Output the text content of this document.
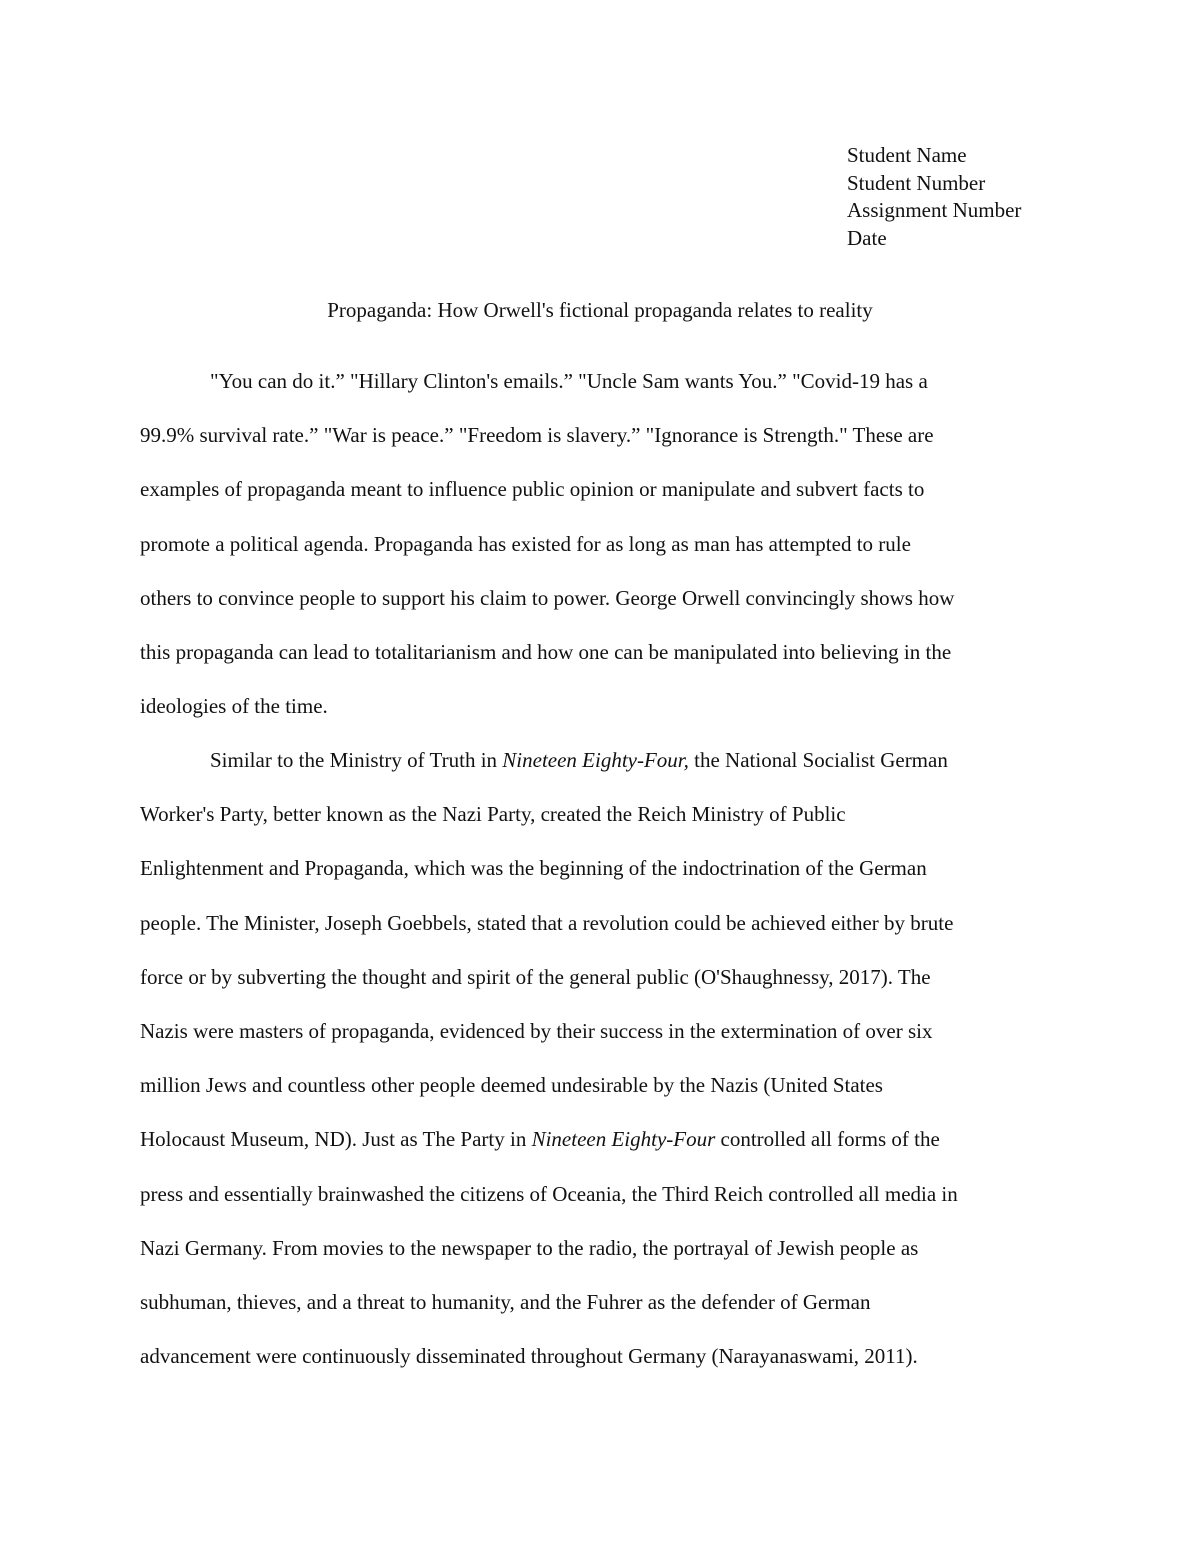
Student Name
Student Number
Assignment Number
Date
Propaganda: How Orwell's fictional propaganda relates to reality
"You can do it.” "Hillary Clinton's emails.” "Uncle Sam wants You.” "Covid-19 has a
99.9% survival rate.” "War is peace.” "Freedom is slavery.” "Ignorance is Strength." These are
examples of propaganda meant to influence public opinion or manipulate and subvert facts to
promote a political agenda. Propaganda has existed for as long as man has attempted to rule
others to convince people to support his claim to power. George Orwell convincingly shows how
this propaganda can lead to totalitarianism and how one can be manipulated into believing in the
ideologies of the time.
Similar to the Ministry of Truth in Nineteen Eighty-Four, the National Socialist German
Worker's Party, better known as the Nazi Party, created the Reich Ministry of Public
Enlightenment and Propaganda, which was the beginning of the indoctrination of the German
people. The Minister, Joseph Goebbels, stated that a revolution could be achieved either by brute
force or by subverting the thought and spirit of the general public (O'Shaughnessy, 2017). The
Nazis were masters of propaganda, evidenced by their success in the extermination of over six
million Jews and countless other people deemed undesirable by the Nazis (United States
Holocaust Museum, ND). Just as The Party in Nineteen Eighty-Four controlled all forms of the
press and essentially brainwashed the citizens of Oceania, the Third Reich controlled all media in
Nazi Germany. From movies to the newspaper to the radio, the portrayal of Jewish people as
subhuman, thieves, and a threat to humanity, and the Fuhrer as the defender of German
advancement were continuously disseminated throughout Germany (Narayanaswami, 2011).
